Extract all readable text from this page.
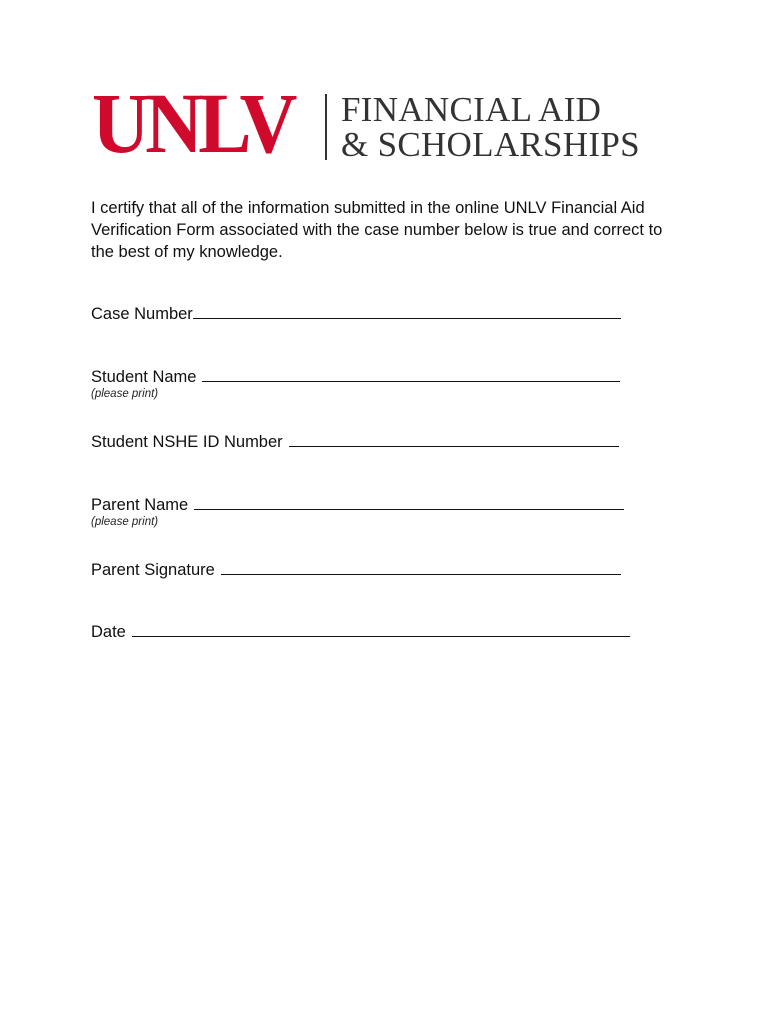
UNLV FINANCIAL AID
& SCHOLARSHIPS
I certify that all of the information submitted in the online UNLV Financial Aid Verification Form associated with the case number below is true and correct to the best of my knowledge.
Case Number
Student Name
(please print)
Student NSHE ID Number
Parent Name
(please print)
Parent Signature
Date
